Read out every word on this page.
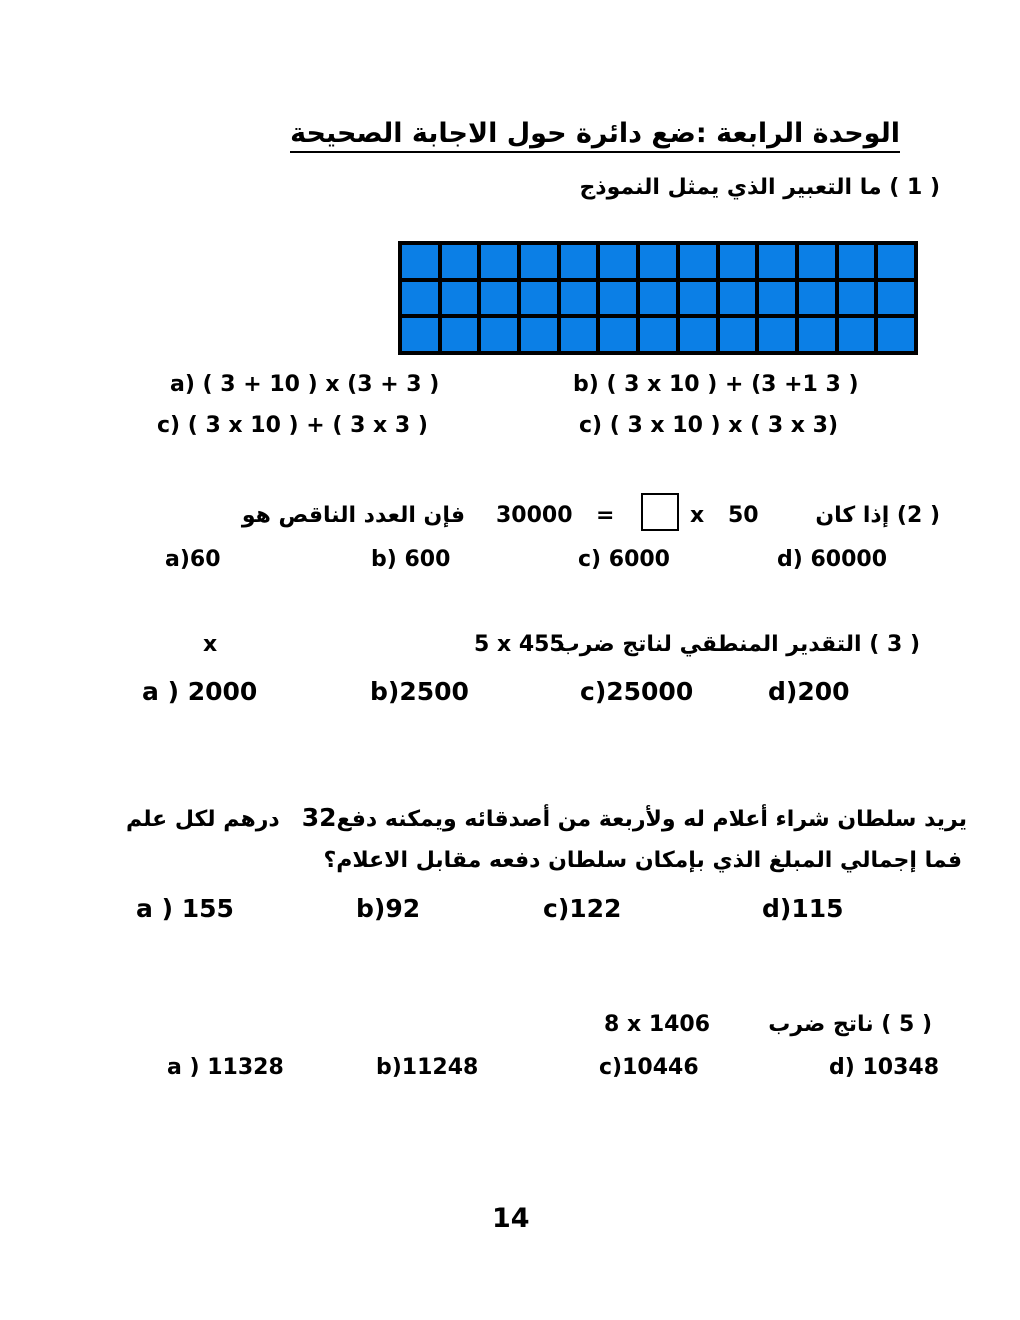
الوحدة الرابعة :ضع دائرة حول الاجابة الصحيحة
( 1 ) ما التعبير الذي يمثل النموذج
a) ( 3 + 10 ) x (3 + 3 )	b) ( 3 x 10 ) + (3 +1 3 )
c) ( 3 x 10 ) + ( 3 x 3 )	c) ( 3 x 10 ) x ( 3 x 3)
( 2) إذا كان
50
x
=
30000
فإن العدد الناقص هو
a)60	b) 600	c) 6000	d) 60000
( 3 ) التقدير المنطقي لناتج ضرب
5 x 455
x
a ) 2000	b)2500	c)25000	d)200
يريد سلطان شراء أعلام له ولأربعة من أصدقائه ويمكنه دفع32درهم لكل علم
فما إجمالي المبلغ الذي بإمكان سلطان دفعه مقابل الاعلام؟
a ) 155	b)92	c)122	d)115
( 5 ) ناتج ضرب
8 x 1406
a ) 11328	b)11248	c)10446	d) 10348
14
